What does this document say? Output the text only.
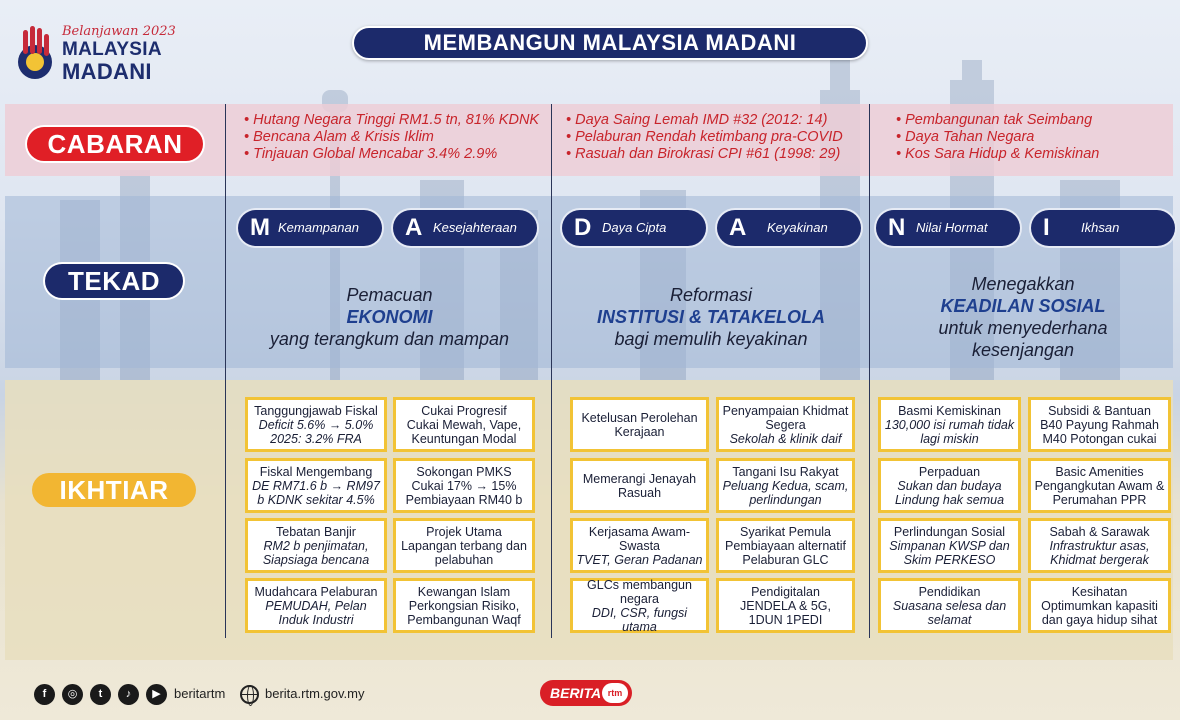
Belanjawan 2023
MALAYSIA
MADANI
MEMBANGUN MALAYSIA MADANI
CABARAN
TEKAD
IKHTIAR
• Hutang Negara Tinggi RM1.5 tn, 81% KDNK
• Bencana Alam & Krisis Iklim
• Tinjauan Global Mencabar 3.4% 2.9%
• Daya Saing Lemah IMD #32 (2012: 14)
• Pelaburan Rendah ketimbang pra-COVID
• Rasuah dan Birokrasi CPI #61 (1998: 29)
• Pembangunan tak Seimbang
• Daya Tahan Negara
• Kos Sara Hidup & Kemiskinan
M Kemampanan	A Kesejahteraan	D Daya Cipta	A Keyakinan	N Nilai Hormat	I Ikhsan
Pemacuan
EKONOMI
yang terangkum dan mampan
Reformasi
INSTITUSI & TATAKELOLA
bagi memulih keyakinan
Menegakkan
KEADILAN SOSIAL
untuk menyederhana kesenjangan
Tanggungjawab Fiskal
Deficit 5.6% → 5.0% 2025: 3.2% FRA
Cukai Progresif
Cukai Mewah, Vape, Keuntungan Modal
Fiskal Mengembang
DE RM71.6 b → RM97 b KDNK sekitar 4.5%
Sokongan PMKS
Cukai 17% → 15% Pembiayaan RM40 b
Tebatan Banjir
RM2 b penjimatan, Siapsiaga bencana
Projek Utama
Lapangan terbang dan pelabuhan
Mudahcara Pelaburan
PEMUDAH, Pelan Induk Industri
Kewangan Islam
Perkongsian Risiko, Pembangunan Waqf
Ketelusan Perolehan Kerajaan
Penyampaian Khidmat Segera
Sekolah & klinik daif
Memerangi Jenayah Rasuah
Tangani Isu Rakyat
Peluang Kedua, scam, perlindungan
Kerjasama Awam-Swasta
TVET, Geran Padanan
Syarikat Pemula
Pembiayaan alternatif Pelaburan GLC
GLCs membangun negara
DDI, CSR, fungsi utama
Pendigitalan
JENDELA & 5G, 1DUN 1PEDI
Basmi Kemiskinan
130,000 isi rumah tidak lagi miskin
Subsidi & Bantuan
B40 Payung Rahmah M40 Potongan cukai
Perpaduan
Sukan dan budaya Lindung hak semua
Basic Amenities
Pengangkutan Awam & Perumahan PPR
Perlindungan Sosial
Simpanan KWSP dan Skim PERKESO
Sabah & Sarawak
Infrastruktur asas, Khidmat bergerak
Pendidikan
Suasana selesa dan selamat
Kesihatan
Optimumkan kapasiti dan gaya hidup sihat
f	◎	t	♪	▶	beritartm	berita.rtm.gov.my	BERITA rtm
